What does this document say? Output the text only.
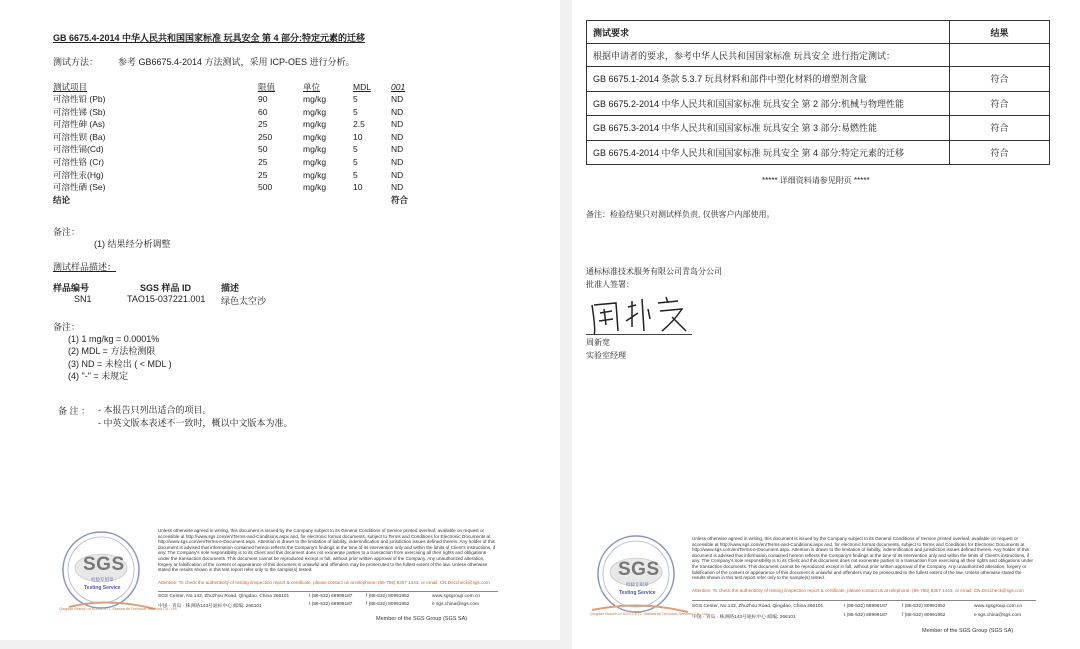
GB 6675.4-2014 中华人民共和国国家标准 玩具安全 第 4 部分:特定元素的迁移
测试方法： 参考 GB6675.4-2014 方法测试，采用 ICP-OES 进行分析。
测试项目	限值	单位	MDL	001
可溶性铅 (Pb)	90	mg/kg	5	ND
可溶性锑 (Sb)	60	mg/kg	5	ND
可溶性砷 (As)	25	mg/kg	2.5	ND
可溶性钡 (Ba)	250	mg/kg	10	ND
可溶性镉(Cd)	50	mg/kg	5	ND
可溶性铬 (Cr)	25	mg/kg	5	ND
可溶性汞(Hg)	25	mg/kg	5	ND
可溶性硒 (Se)	500	mg/kg	10	ND
结论				符合
备注：
(1) 结果经分析调整
测试样品描述：
样品编号	SGS 样品 ID	描述
SN1	TAO15-037221.001 绿色太空沙
备注：
(1) 1 mg/kg = 0.0001%
(2) MDL = 方法检测限
(3) ND = 未检出 ( < MDL )
(4) "-" = 未规定
备 注 ： - 本报告只列出适合的项目。
- 中英文版本表述不一致时，概以中文版本为准。
SGS
检验专用章
Testing Service
Qingdao Branch of SGS-CSTC Standards Technical Services Co., Ltd.
Unless otherwise agreed in writing, this document is issued by the Company subject to its General Conditions of Service printed overleaf, available on request or accessible at http://www.sgs.com/en/Terms-and-Conditions.aspx and, for electronic format documents, subject to Terms and Conditions for Electronic Documents at http://www.sgs.com/en/Terms-e-Document.aspx. Attention is drawn to the limitation of liability, indemnification and jurisdiction issues defined therein. Any holder of this document is advised that information contained hereon reflects the Company's findings at the time of its intervention only and within the limits of Client's instructions, if any. The Company's sole responsibility is to its Client and this document does not exonerate parties to a transaction from exercising all their rights and obligations under the transaction documents. This document cannot be reproduced except in full, without prior written approval of the Company. Any unauthorized alteration, forgery or falsification of the content or appearance of this document is unlawful and offenders may be prosecuted to the fullest extent of the law. Unless otherwise stated the results shown in this test report refer only to the sample(s) tested.
Attention: To check the authenticity of testing /inspection report & certificate, please contact us at telephone: (86-755) 8307 1443, or email: CN.Doccheck@sgs.com
SGS Center, No.143, Zhuzhou Road, Qingdao, China 266101
中国 · 青岛 · 株洲路143号通标中心 邮编: 266101
t (86-532) 68999187
t (86-532) 68999187
f (86-532) 80991952
f (86-532) 80991952
www.sgsgroup.com.cn
e sgs.china@sgs.com
Member of the SGS Group (SGS SA)
测试要求	结果
根据申请者的要求，参考中华人民共和国国家标准 玩具安全 进行指定测试：	
GB 6675.1-2014 条款 5.3.7 玩具材料和部件中塑化材料的增塑剂含量	符合
GB 6675.2-2014 中华人民共和国国家标准 玩具安全 第 2 部分:机械与物理性能	符合
GB 6675.3-2014 中华人民共和国国家标准 玩具安全 第 3 部分:易燃性能	符合
GB 6675.4-2014 中华人民共和国国家标准 玩具安全 第 4 部分:特定元素的迁移	符合
***** 详细资料请参见附页 *****
备注：检验结果只对测试样负责, 仅供客户内部使用。
通标标准技术服务有限公司青岛分公司
批准人签署：
周新宽
实验室经理
SGS
检验专用章
Testing Service
Qingdao Branch of SGS-CSTC Standards Technical Services Co., Ltd.
Unless otherwise agreed in writing, this document is issued by the Company subject to its General Conditions of Service printed overleaf, available on request or accessible at http://www.sgs.com/en/Terms-and-Conditions.aspx and, for electronic format documents, subject to Terms and Conditions for Electronic Documents at http://www.sgs.com/en/Terms-e-Document.aspx. Attention is drawn to the limitation of liability, indemnification and jurisdiction issues defined therein. Any holder of this document is advised that information contained hereon reflects the Company's findings at the time of its intervention only and within the limits of Client's instructions, if any. The Company's sole responsibility is to its Client and this document does not exonerate parties to a transaction from exercising all their rights and obligations under the transaction documents. This document cannot be reproduced except in full, without prior written approval of the Company. Any unauthorized alteration, forgery or falsification of the content or appearance of this document is unlawful and offenders may be prosecuted to the fullest extent of the law. Unless otherwise stated the results shown in this test report refer only to the sample(s) tested.
Attention: To check the authenticity of testing /inspection report & certificate, please contact us at telephone: (86-755) 8307 1443, or email: CN.Doccheck@sgs.com
SGS Center, No.143, Zhuzhou Road, Qingdao, China 266101
中国 · 青岛 · 株洲路143号通标中心 邮编: 266101
t (86-532) 68999187
t (86-532) 68999187
f (86-532) 80991952
f (86-532) 80991952
www.sgsgroup.com.cn
e sgs.china@sgs.com
Member of the SGS Group (SGS SA)
